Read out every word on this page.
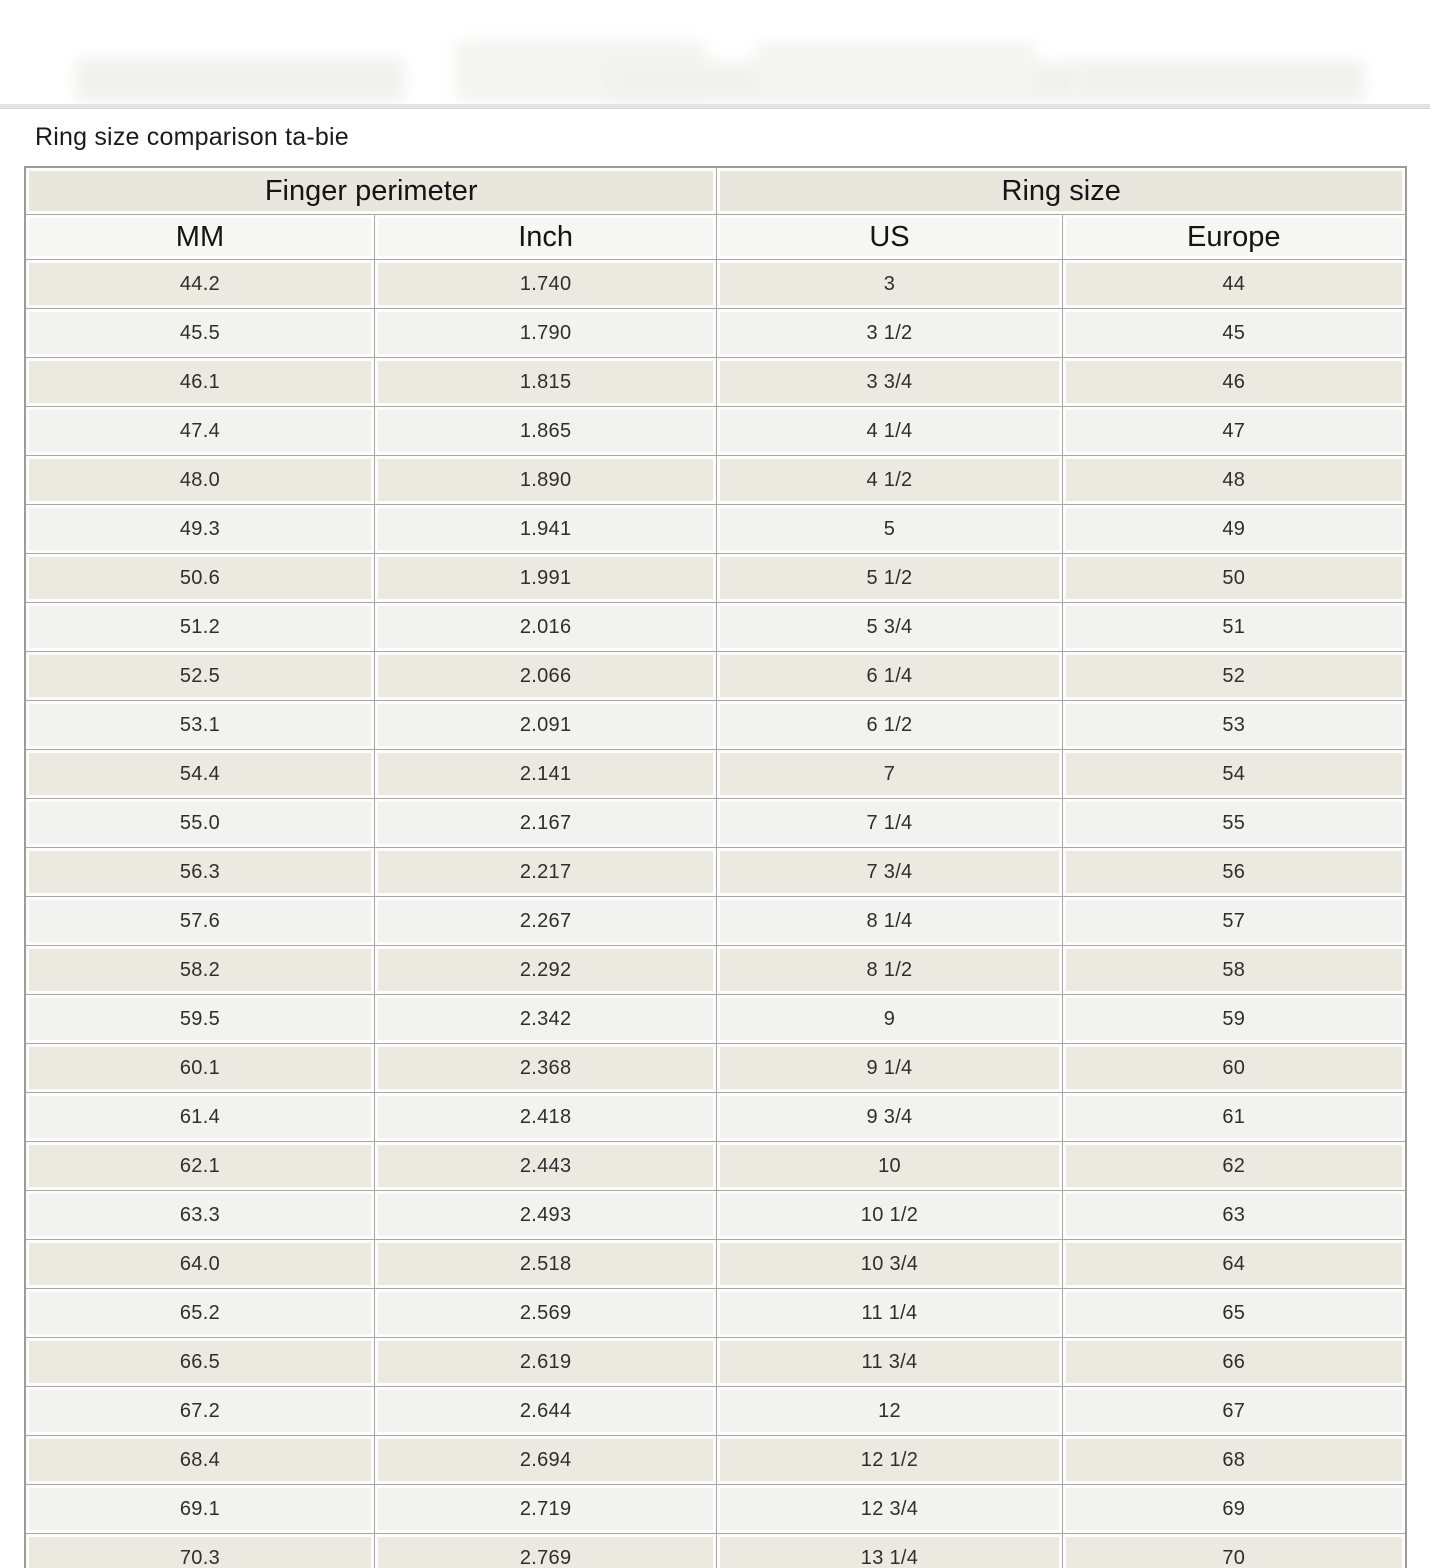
Ring size comparison ta-bie
Finger perimeter		Ring size	
MM	Inch	US	Europe
44.2	1.740	3	44
45.5	1.790	3 1/2	45
46.1	1.815	3 3/4	46
47.4	1.865	4 1/4	47
48.0	1.890	4 1/2	48
49.3	1.941	5	49
50.6	1.991	5 1/2	50
51.2	2.016	5 3/4	51
52.5	2.066	6 1/4	52
53.1	2.091	6 1/2	53
54.4	2.141	7	54
55.0	2.167	7 1/4	55
56.3	2.217	7 3/4	56
57.6	2.267	8 1/4	57
58.2	2.292	8 1/2	58
59.5	2.342	9	59
60.1	2.368	9 1/4	60
61.4	2.418	9 3/4	61
62.1	2.443	10	62
63.3	2.493	10 1/2	63
64.0	2.518	10 3/4	64
65.2	2.569	11 1/4	65
66.5	2.619	11 3/4	66
67.2	2.644	12	67
68.4	2.694	12 1/2	68
69.1	2.719	12 3/4	69
70.3	2.769	13 1/4	70
